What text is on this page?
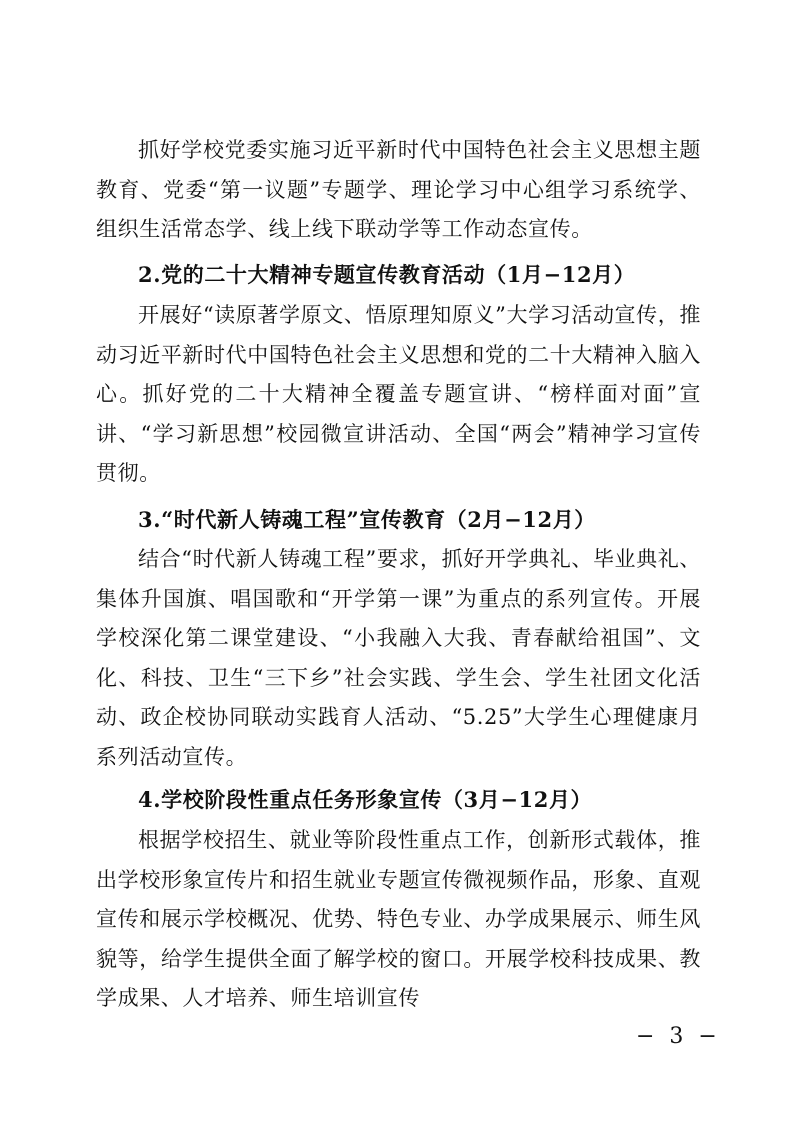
抓好学校党委实施习近平新时代中国特色社会主义思想主题教育、党委“第一议题”专题学、理论学习中心组学习系统学、组织生活常态学、线上线下联动学等工作动态宣传。

2.党的二十大精神专题宣传教育活动（1月−12月）

开展好“读原著学原文、悟原理知原义”大学习活动宣传，推动习近平新时代中国特色社会主义思想和党的二十大精神入脑入心。抓好党的二十大精神全覆盖专题宣讲、“榜样面对面”宣讲、“学习新思想”校园微宣讲活动、全国“两会”精神学习宣传贯彻。

3.“时代新人铸魂工程”宣传教育（2月−12月）

结合“时代新人铸魂工程”要求，抓好开学典礼、毕业典礼、集体升国旗、唱国歌和“开学第一课”为重点的系列宣传。开展学校深化第二课堂建设、“小我融入大我、青春献给祖国”、文化、科技、卫生“三下乡”社会实践、学生会、学生社团文化活动、政企校协同联动实践育人活动、“5.25”大学生心理健康月系列活动宣传。

4.学校阶段性重点任务形象宣传（3月−12月）

根据学校招生、就业等阶段性重点工作，创新形式载体，推出学校形象宣传片和招生就业专题宣传微视频作品，形象、直观宣传和展示学校概况、优势、特色专业、办学成果展示、师生风貌等，给学生提供全面了解学校的窗口。开展学校科技成果、教学成果、人才培养、师生培训宣传

− 3 −
